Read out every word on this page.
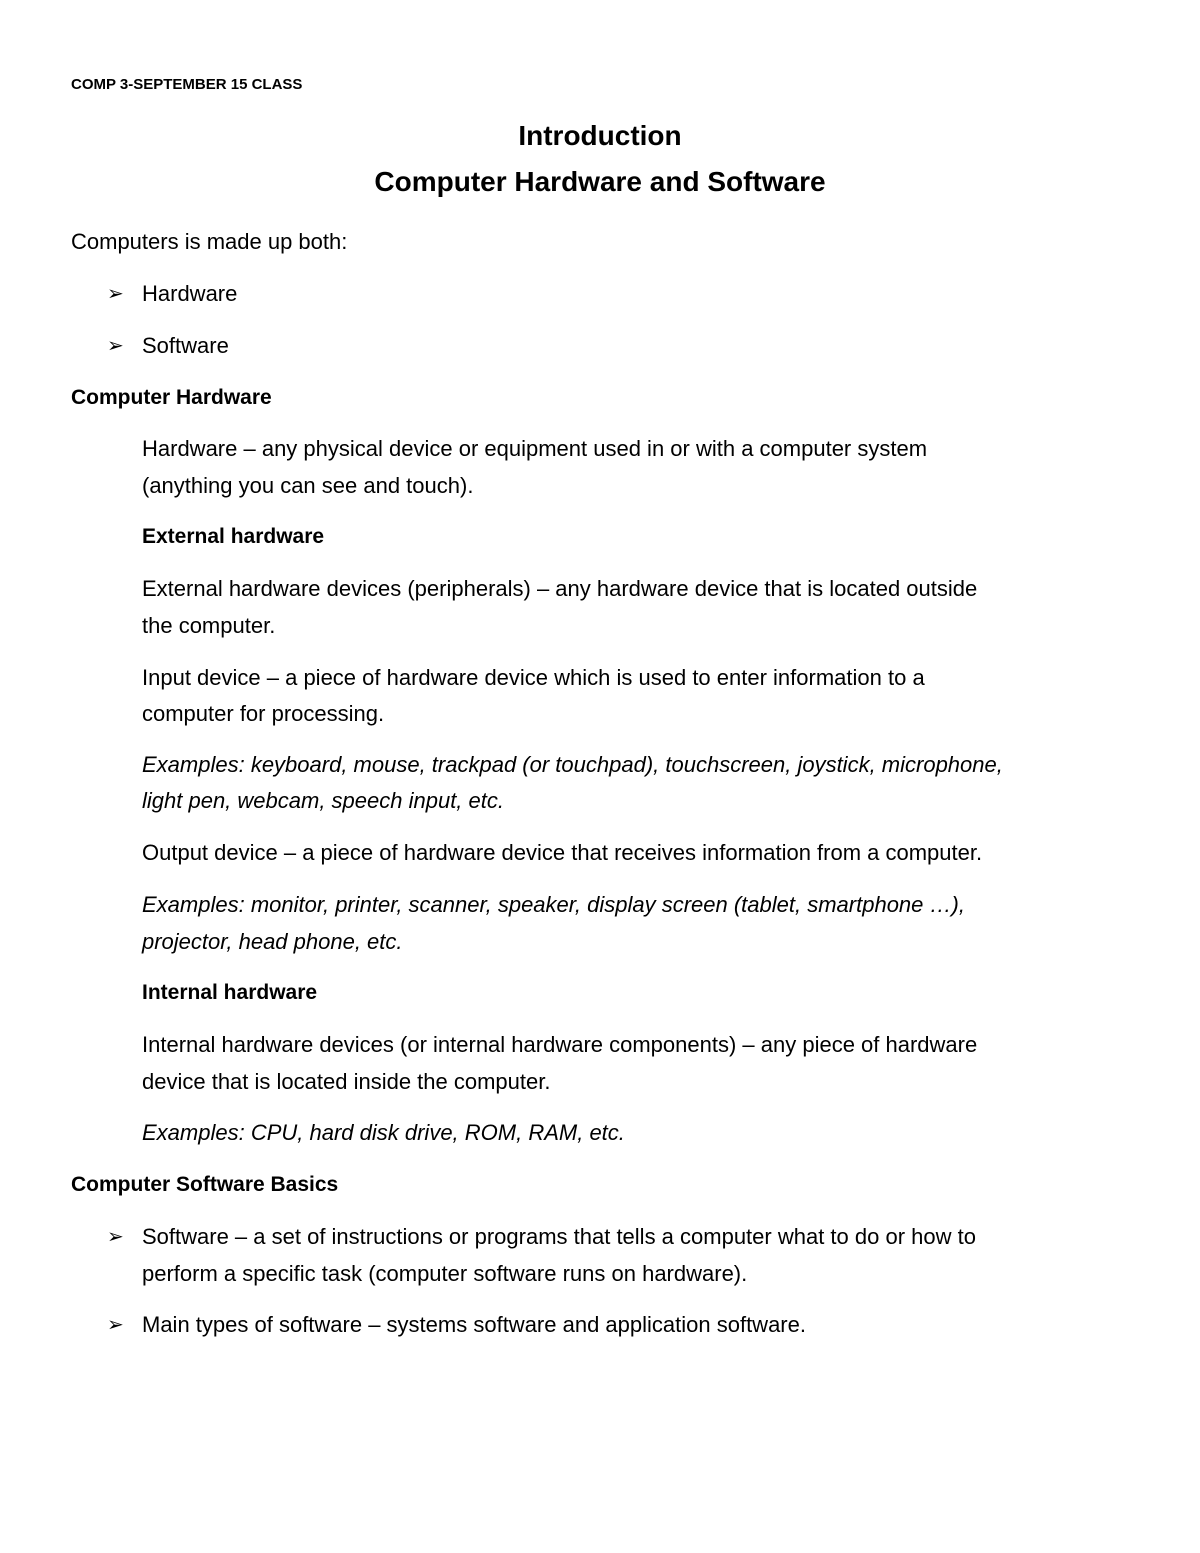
COMP 3-SEPTEMBER 15 CLASS
Introduction
Computer Hardware and Software
Computers is made up both:
➢ Hardware
➢ Software
Computer Hardware
Hardware – any physical device or equipment used in or with a computer system
(anything you can see and touch).
External hardware
External hardware devices (peripherals) – any hardware device that is located outside
the computer.
Input device – a piece of hardware device which is used to enter information to a
computer for processing.
Examples: keyboard, mouse, trackpad (or touchpad), touchscreen, joystick, microphone,
light pen, webcam, speech input, etc.
Output device – a piece of hardware device that receives information from a computer.
Examples: monitor, printer, scanner, speaker, display screen (tablet, smartphone …),
projector, head phone, etc.
Internal hardware
Internal hardware devices (or internal hardware components) – any piece of hardware
device that is located inside the computer.
Examples: CPU, hard disk drive, ROM, RAM, etc.
Computer Software Basics
➢ Software – a set of instructions or programs that tells a computer what to do or how to
perform a specific task (computer software runs on hardware).
➢ Main types of software – systems software and application software.
